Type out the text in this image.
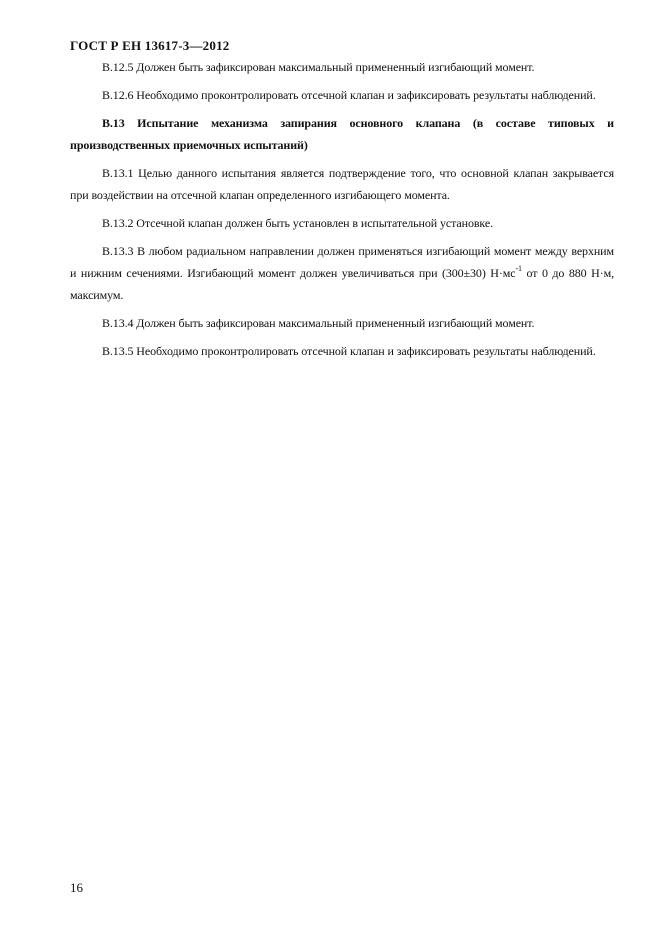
ГОСТ Р ЕН 13617-3—2012

В.12.5 Должен быть зафиксирован максимальный примененный изгибающий момент.

В.12.6 Необходимо проконтролировать отсечной клапан и зафиксировать результаты наблюдений.

В.13 Испытание механизма запирания основного клапана (в составе типовых и производственных приемочных испытаний)

В.13.1 Целью данного испытания является подтверждение того, что основной клапан закрывается при воздействии на отсечной клапан определенного изгибающего момента.

В.13.2 Отсечной клапан должен быть установлен в испытательной установке.

В.13.3 В любом радиальном направлении должен применяться изгибающий момент между верхним и нижним сечениями. Изгибающий момент должен увеличиваться при (300±30) $Н\cdot мс^{-1}$ от 0 до 880 Н·м, максимум.

В.13.4 Должен быть зафиксирован максимальный примененный изгибающий момент.

В.13.5 Необходимо проконтролировать отсечной клапан и зафиксировать результаты наблюдений.

16
